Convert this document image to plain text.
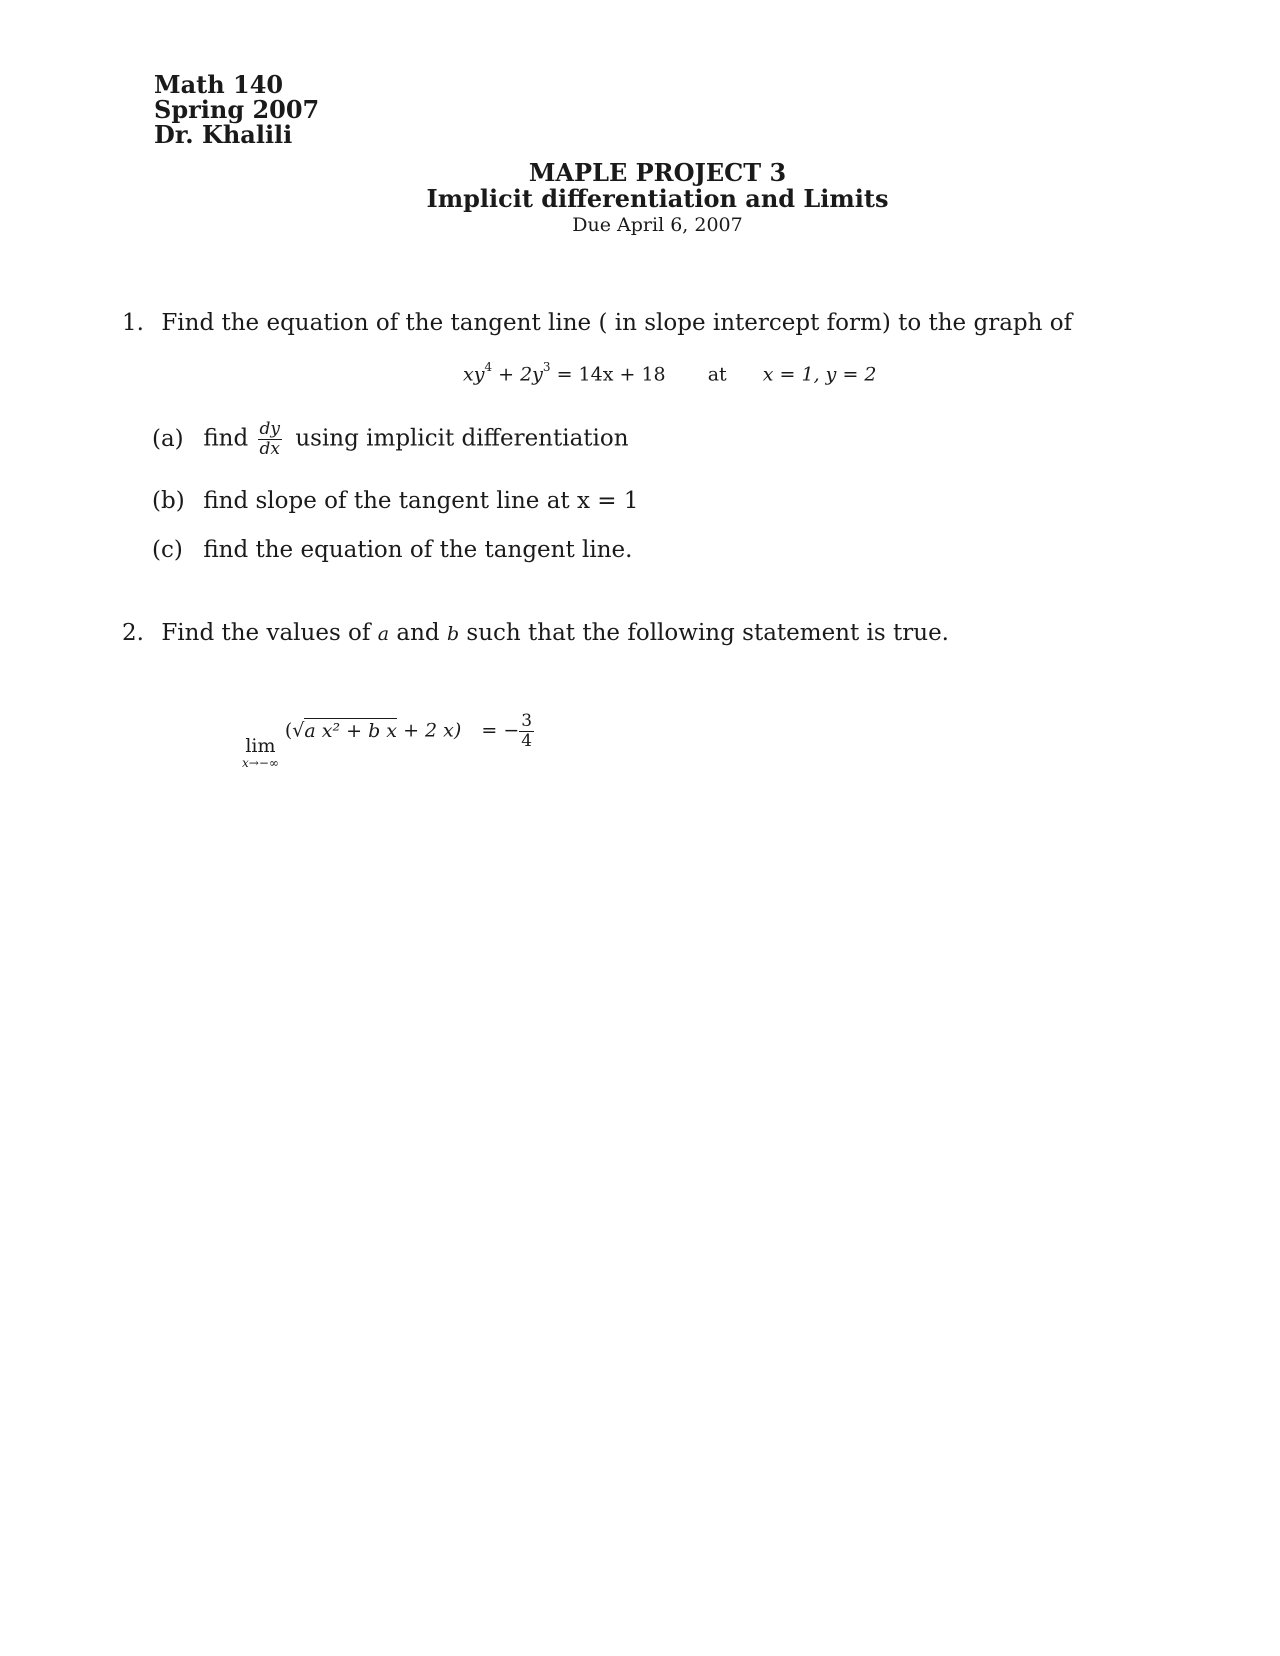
Math 140
Spring 2007
Dr. Khalili
MAPLE PROJECT 3
Implicit differentiation and Limits
Due April 6, 2007
1. Find the equation of the tangent line ( in slope intercept form) to the graph of
$xy^4 + 2y^3 = 14x + 18$ at x = 1, y = 2
(a) find $\frac{dy}{dx}$ using implicit differentiation
(b) find slope of the tangent line at x = 1
(c) find the equation of the tangent line.
2. Find the values of a and b such that the following statement is true.
lim
x→−∞
(√a x² + b x + 2 x) = − $\frac{3}{4}$
